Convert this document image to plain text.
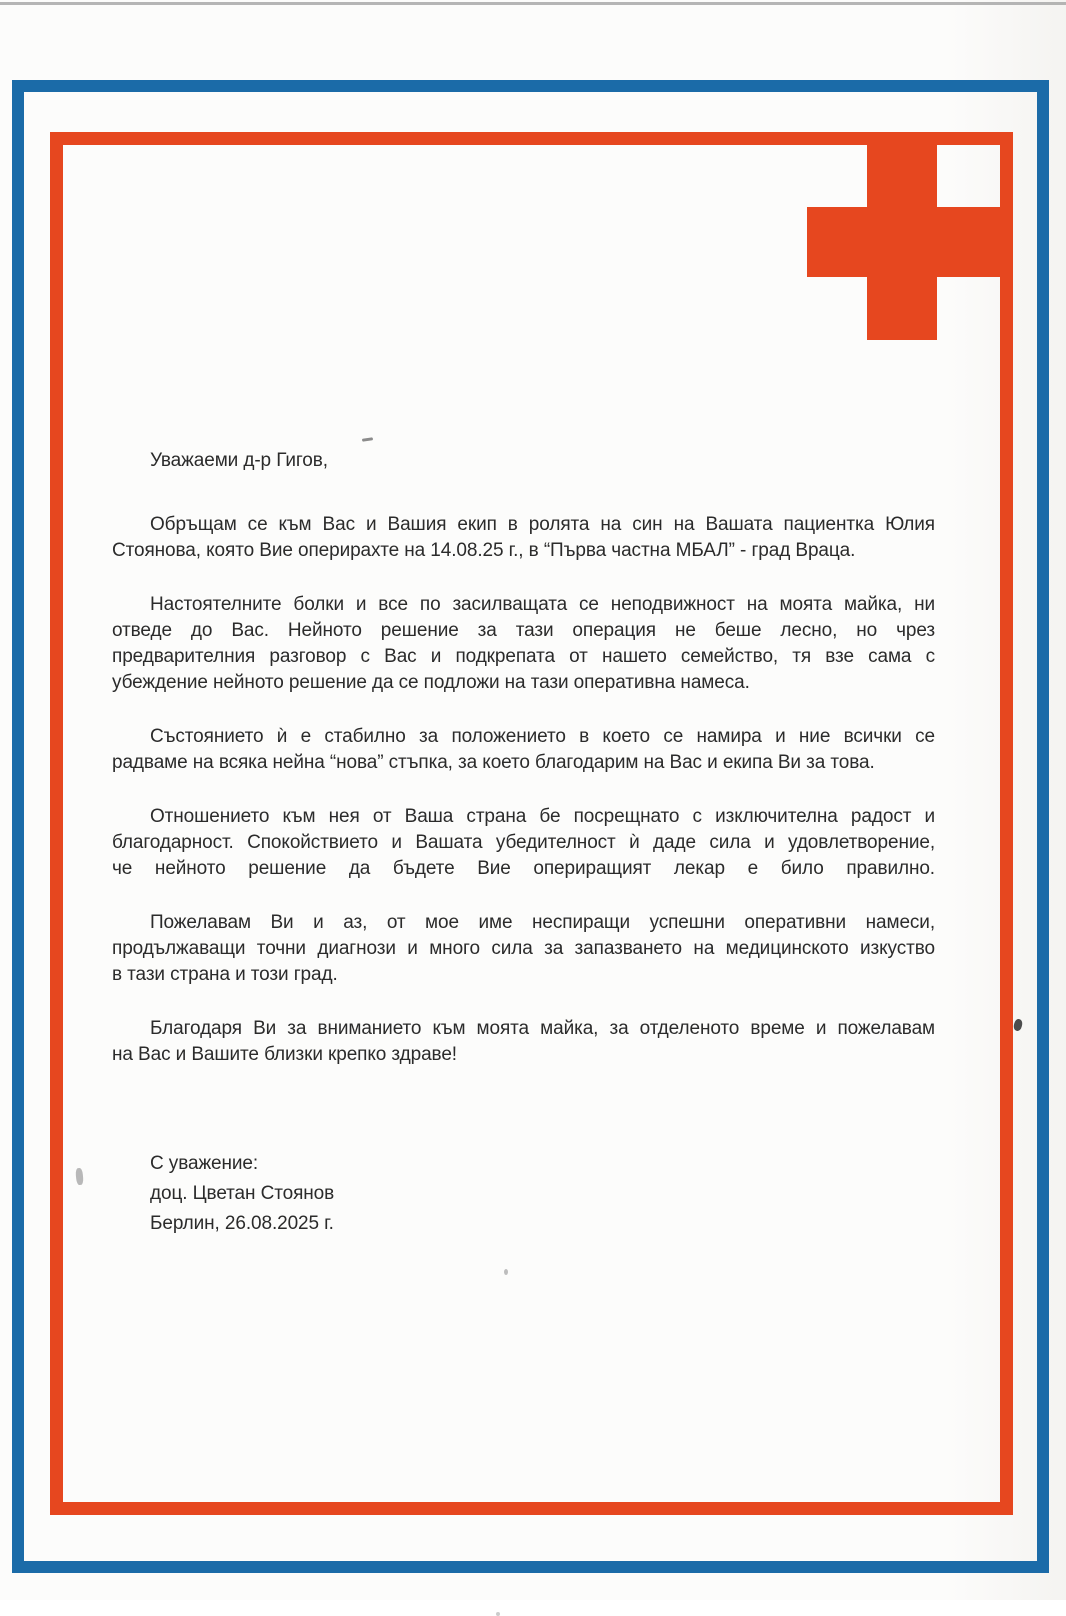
Уважаеми д-р Гигов,
Обръщам се към Вас и Вашия екип в ролята на син на Вашата пациентка Юлия
Стоянова, която Вие оперирахте на 14.08.25 г., в “Първа частна МБАЛ” - град Враца.
Настоятелните болки и все по засилващата се неподвижност на моята майка, ни
отведе до Вас. Нейното решение за тази операция не беше лесно, но чрез
предварителния разговор с Вас и подкрепата от нашето семейство, тя взе сама с
убеждение нейното решение да се подложи на тази оперативна намеса.
Състоянието ѝ е стабилно за положението в което се намира и ние всички се
радваме на всяка нейна “нова” стъпка, за което благодарим на Вас и екипа Ви за това.
Отношението към нея от Ваша страна бе посрещнато с изключителна радост и
благодарност. Спокойствието и Вашата убедителност ѝ даде сила и удовлетворение,
че нейното решение да бъдете Вие опериращият лекар е било правилно.
Пожелавам Ви и аз, от мое име неспиращи успешни оперативни намеси,
продължаващи точни диагнози и много сила за запазването на медицинското изкуство
в тази страна и този град.
Благодаря Ви за вниманието към моята майка, за отделеното време и пожелавам
на Вас и Вашите близки крепко здраве!
С уважение:
доц. Цветан Стоянов
Берлин, 26.08.2025 г.
